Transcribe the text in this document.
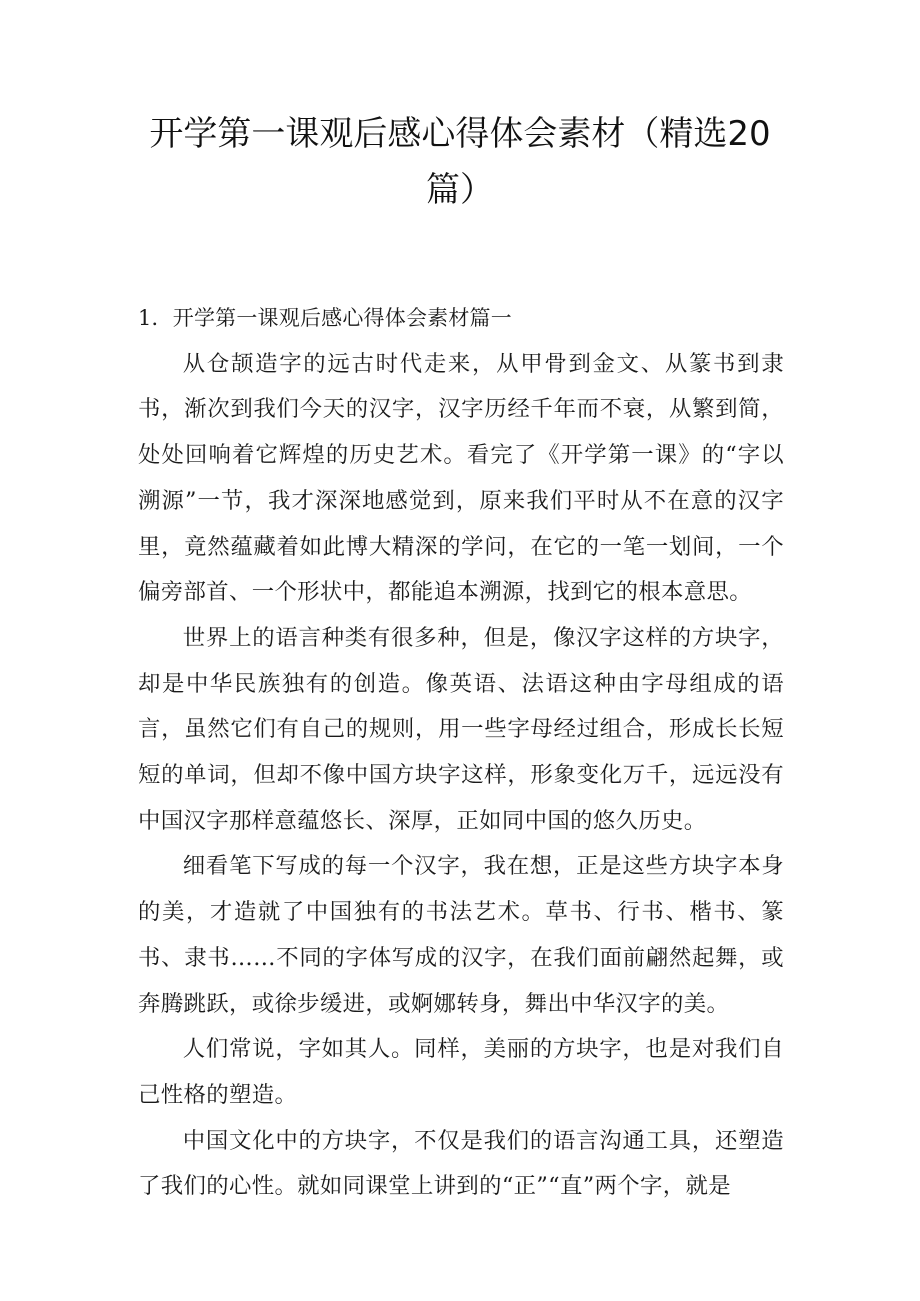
开学第一课观后感心得体会素材（精选20
篇）
1．开学第一课观后感心得体会素材篇一

从仓颉造字的远古时代走来，从甲骨到金文、从篆书到隶书，渐次到我们今天的汉字，汉字历经千年而不衰，从繁到简，处处回响着它辉煌的历史艺术。看完了《开学第一课》的“字以溯源”一节，我才深深地感觉到，原来我们平时从不在意的汉字里，竟然蕴藏着如此博大精深的学问，在它的一笔一划间，一个偏旁部首、一个形状中，都能追本溯源，找到它的根本意思。

世界上的语言种类有很多种，但是，像汉字这样的方块字，却是中华民族独有的创造。像英语、法语这种由字母组成的语言，虽然它们有自己的规则，用一些字母经过组合，形成长长短短的单词，但却不像中国方块字这样，形象变化万千，远远没有中国汉字那样意蕴悠长、深厚，正如同中国的悠久历史。

细看笔下写成的每一个汉字，我在想，正是这些方块字本身的美，才造就了中国独有的书法艺术。草书、行书、楷书、篆书、隶书……不同的字体写成的汉字，在我们面前翩然起舞，或奔腾跳跃，或徐步缓进，或婀娜转身，舞出中华汉字的美。

人们常说，字如其人。同样，美丽的方块字，也是对我们自己性格的塑造。

中国文化中的方块字，不仅是我们的语言沟通工具，还塑造了我们的心性。就如同课堂上讲到的“正”“直”两个字，就是
